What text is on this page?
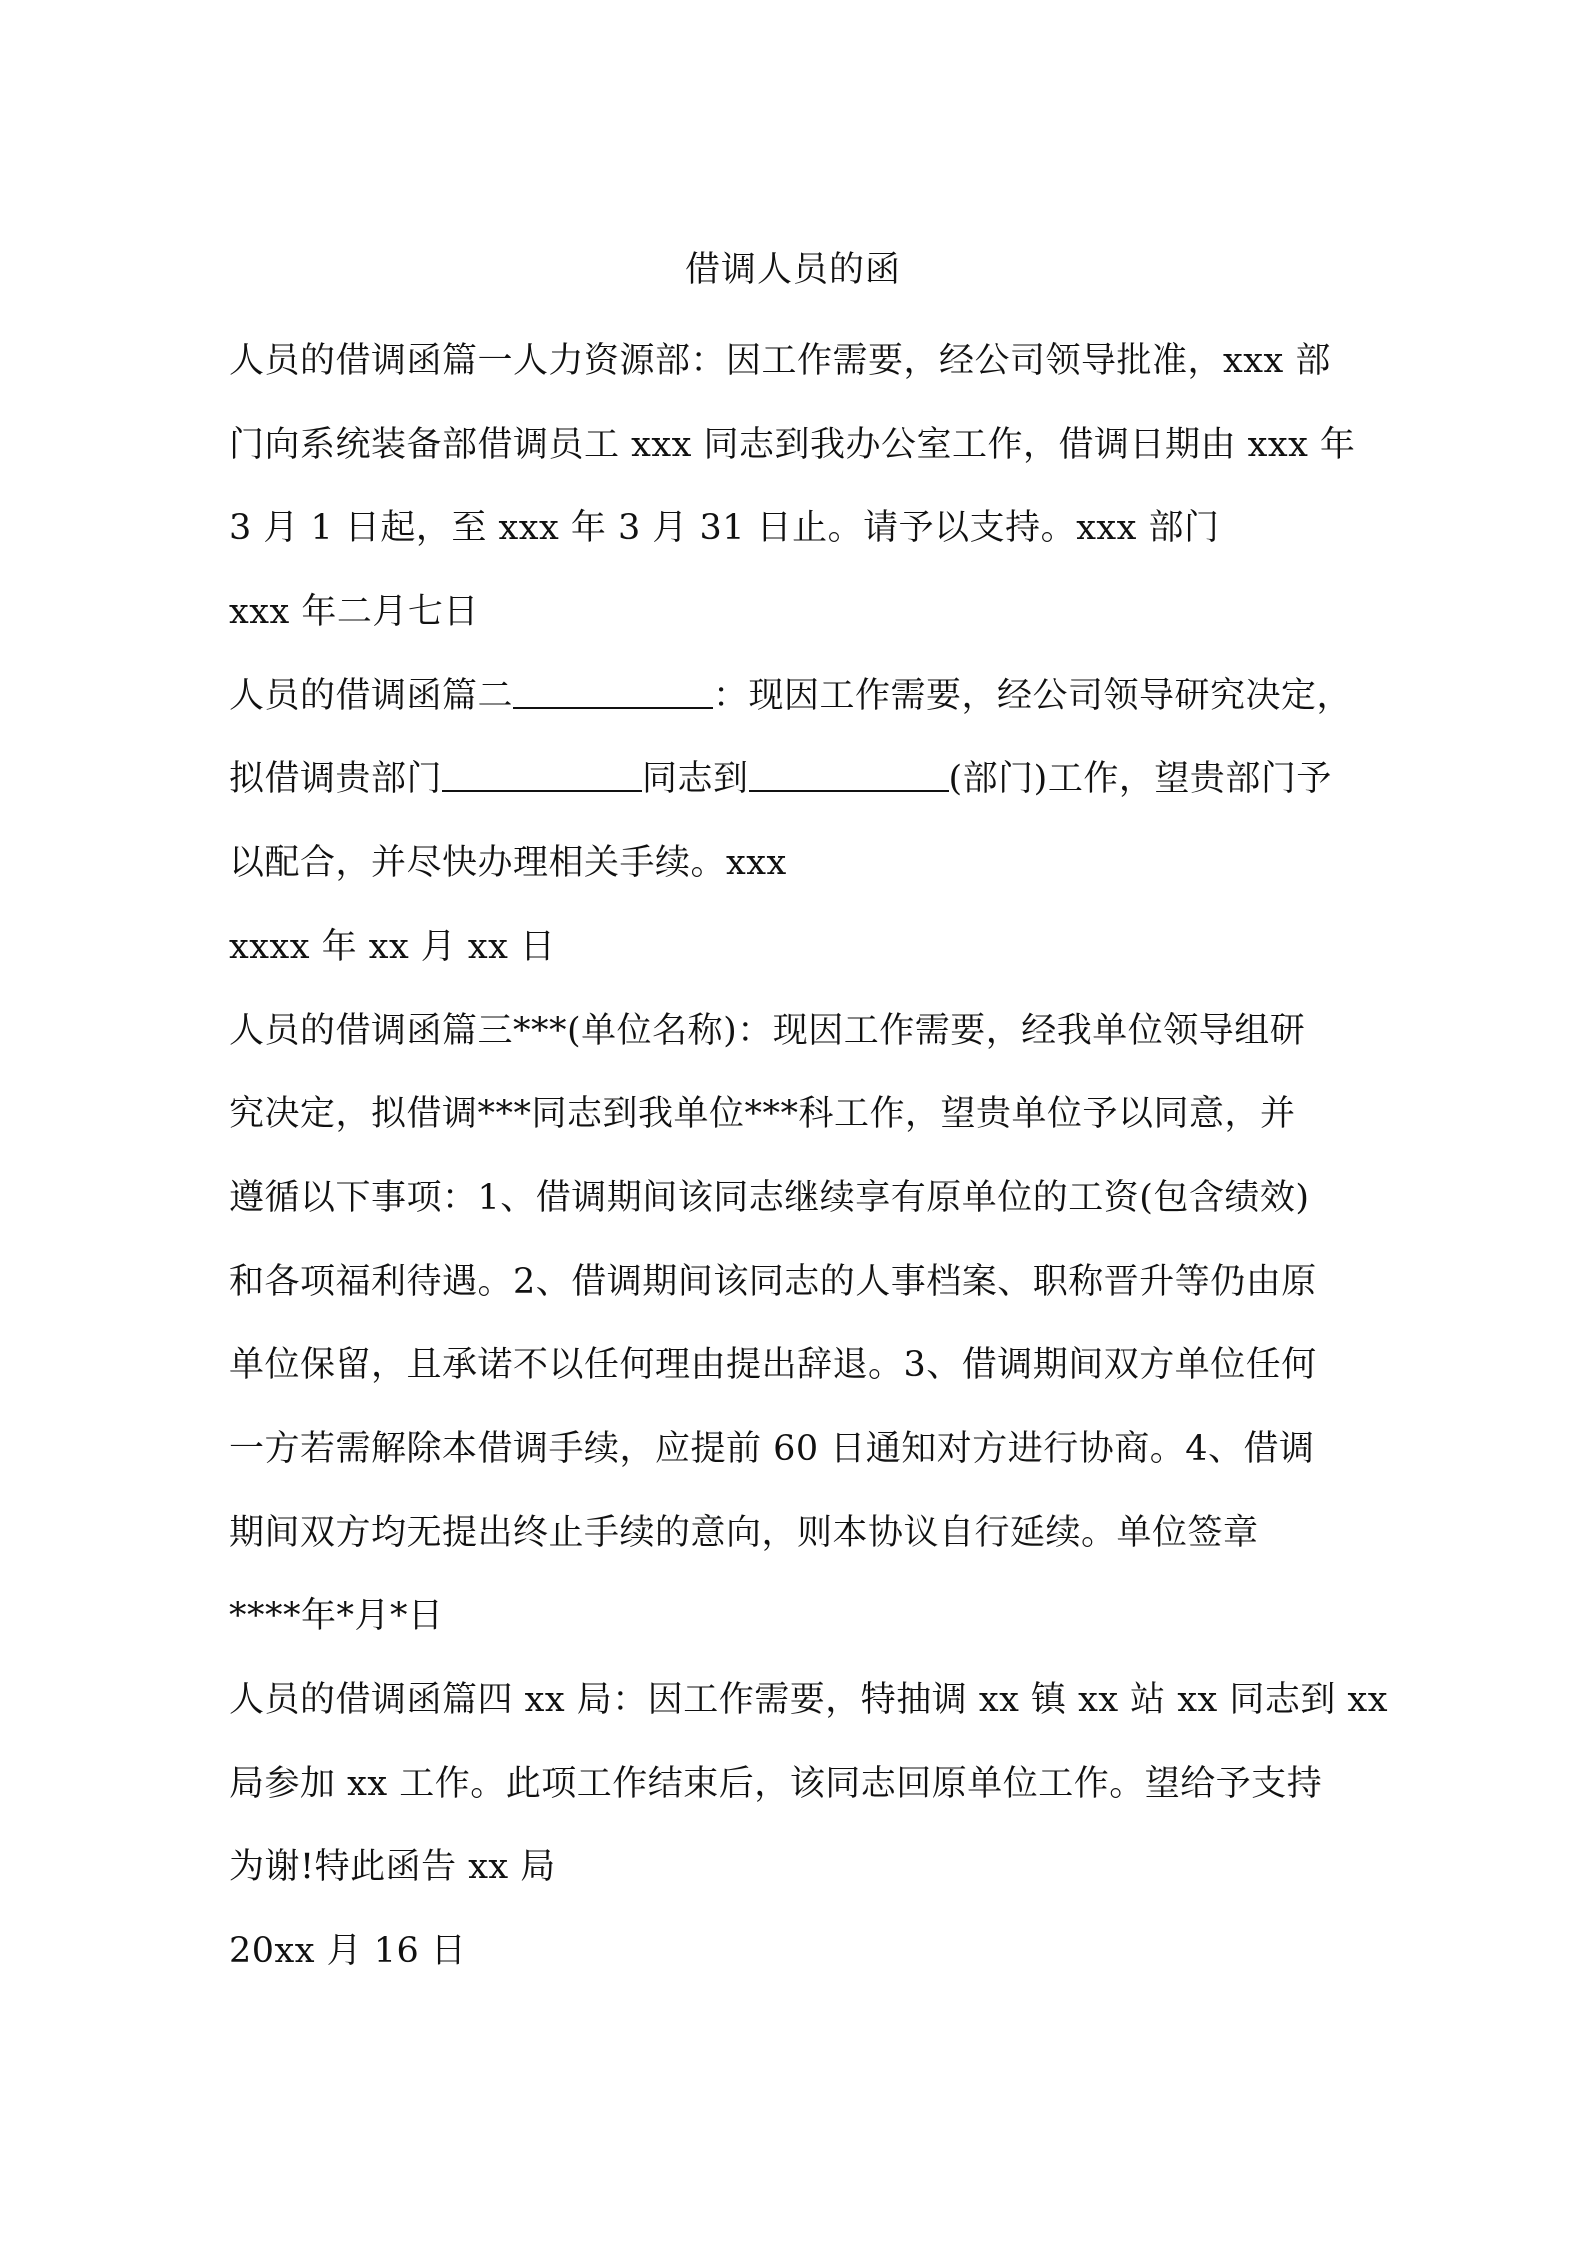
借调人员的函
人员的借调函篇一人力资源部：因工作需要，经公司领导批准，xxx 部
门向系统装备部借调员工 xxx 同志到我办公室工作，借调日期由 xxx 年
3 月 1 日起，至 xxx 年 3 月 31 日止。请予以支持。xxx 部门
xxx 年二月七日
人员的借调函篇二	：现因工作需要，经公司领导研究决定，
拟借调贵部门	同志到	(部门)工作，望贵部门予
以配合，并尽快办理相关手续。xxx
xxxx 年 xx 月 xx 日
人员的借调函篇三***(单位名称)：现因工作需要，经我单位领导组研
究决定，拟借调***同志到我单位***科工作，望贵单位予以同意，并
遵循以下事项：1、借调期间该同志继续享有原单位的工资(包含绩效)
和各项福利待遇。2、借调期间该同志的人事档案、职称晋升等仍由原
单位保留，且承诺不以任何理由提出辞退。3、借调期间双方单位任何
一方若需解除本借调手续，应提前 60 日通知对方进行协商。4、借调
期间双方均无提出终止手续的意向，则本协议自行延续。单位签章
****年*月*日
人员的借调函篇四 xx 局：因工作需要，特抽调 xx 镇 xx 站 xx 同志到 xx
局参加 xx 工作。此项工作结束后，该同志回原单位工作。望给予支持
为谢!特此函告 xx 局
20xx 月 16 日
